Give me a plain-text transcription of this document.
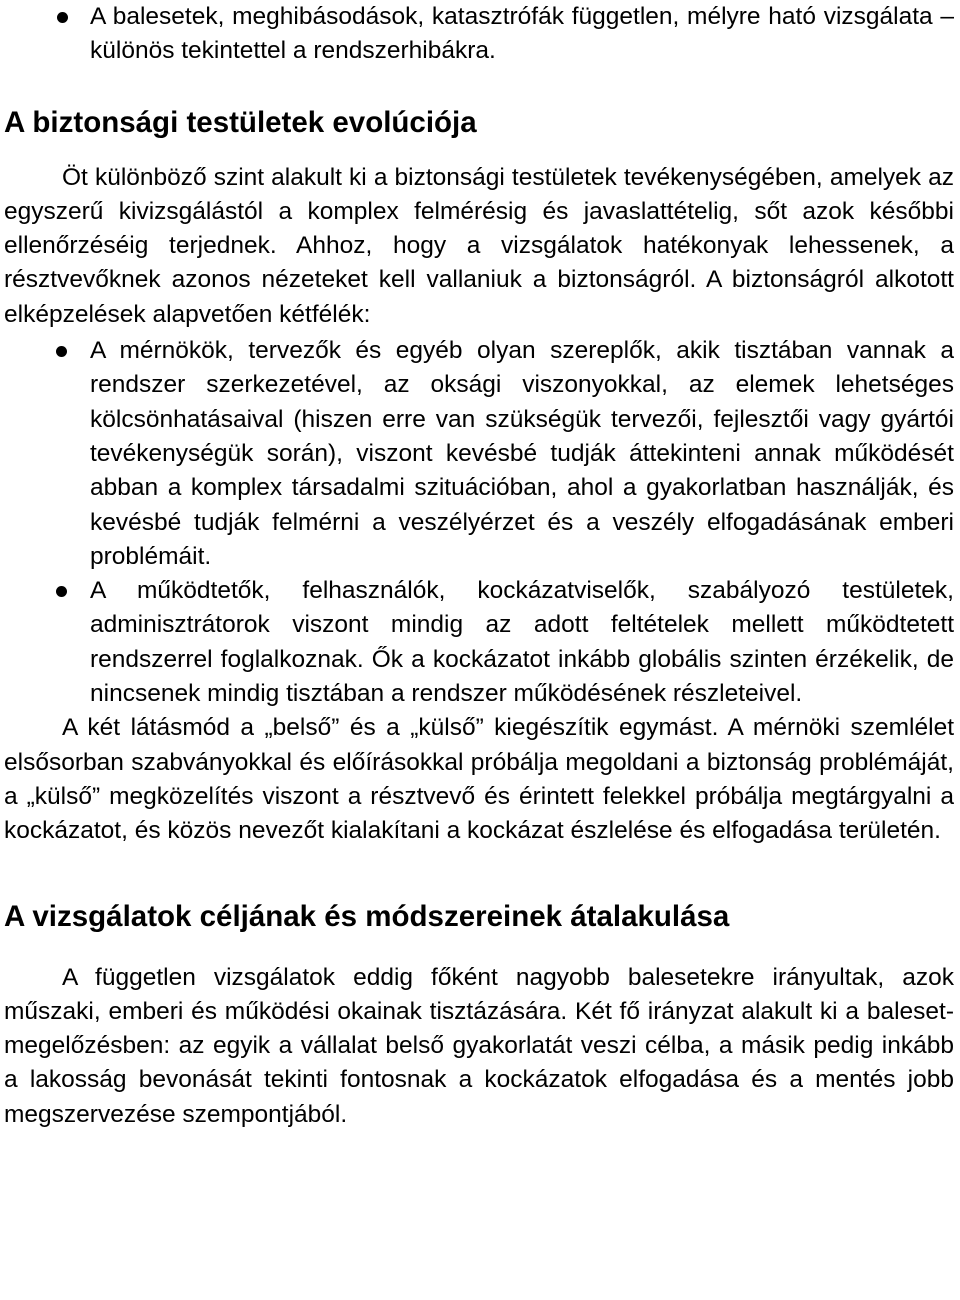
A balesetek, meghibásodások, katasztrófák független, mélyre ható vizsgálata – különös tekintettel a rendszerhibákra.
A biztonsági testületek evolúciója

Öt különböző szint alakult ki a biztonsági testületek tevékenységében, amelyek az egyszerű kivizsgálástól a komplex felmérésig és javaslattételig, sőt azok későbbi ellenőrzéséig terjednek. Ahhoz, hogy a vizsgálatok hatékonyak lehessenek, a résztvevőknek azonos nézeteket kell vallaniuk a biztonságról. A biztonságról alkotott elképzelések alapvetően kétfélék:

A mérnökök, tervezők és egyéb olyan szereplők, akik tisztában vannak a rendszer szerkezetével, az oksági viszonyokkal, az elemek lehetséges kölcsönhatásaival (hiszen erre van szükségük tervezői, fejlesztői vagy gyártói tevékenységük során), viszont kevésbé tudják áttekinteni annak működését abban a komplex társadalmi szituációban, ahol a gyakorlatban használják, és kevésbé tudják felmérni a veszélyérzet és a veszély elfogadásának emberi problémáit.
A működtetők, felhasználók, kockázatviselők, szabályozó testületek, adminisztrátorok viszont mindig az adott feltételek mellett működtetett rendszerrel foglalkoznak. Ők a kockázatot inkább globális szinten érzékelik, de nincsenek mindig tisztában a rendszer működésének részleteivel.

A két látásmód a „belső” és a „külső” kiegészítik egymást. A mérnöki szemlélet elsősorban szabványokkal és előírásokkal próbálja megoldani a biztonság problémáját, a „külső” megközelítés viszont a résztvevő és érintett felekkel próbálja megtárgyalni a kockázatot, és közös nevezőt kialakítani a kockázat észlelése és elfogadása területén.

A vizsgálatok céljának és módszereinek átalakulása

A független vizsgálatok eddig főként nagyobb balesetekre irányultak, azok műszaki, emberi és működési okainak tisztázására. Két fő irányzat alakult ki a baleset-megelőzésben: az egyik a vállalat belső gyakorlatát veszi célba, a másik pedig inkább a lakosság bevonását tekinti fontosnak a kockázatok elfogadása és a mentés jobb megszervezése szempontjából.
